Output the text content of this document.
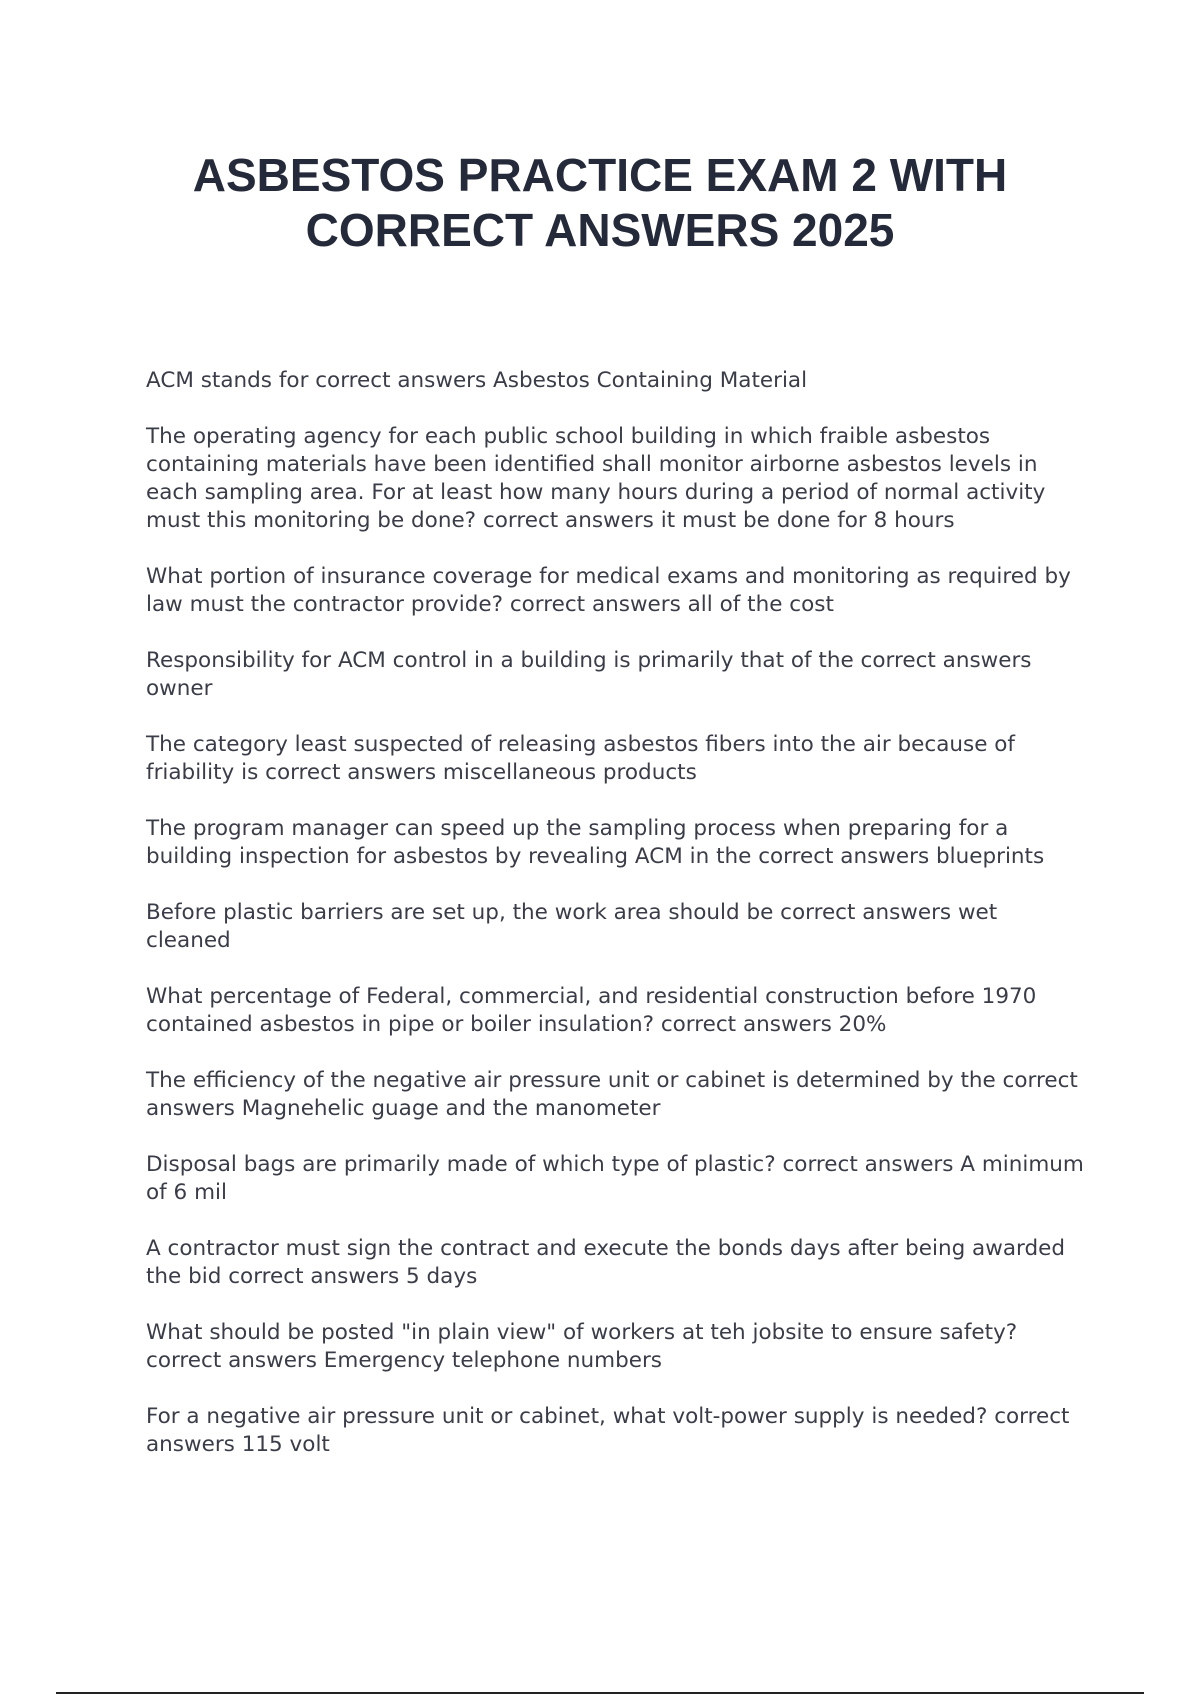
ASBESTOS PRACTICE EXAM 2 WITH CORRECT ANSWERS 2025
ACM stands for correct answers Asbestos Containing Material
The operating agency for each public school building in which fraible asbestos containing materials have been identified shall monitor airborne asbestos levels in each sampling area. For at least how many hours during a period of normal activity must this monitoring be done? correct answers it must be done for 8 hours
What portion of insurance coverage for medical exams and monitoring as required by law must the contractor provide? correct answers all of the cost
Responsibility for ACM control in a building is primarily that of the correct answers owner
The category least suspected of releasing asbestos fibers into the air because of friability is correct answers miscellaneous products
The program manager can speed up the sampling process when preparing for a building inspection for asbestos by revealing ACM in the correct answers blueprints
Before plastic barriers are set up, the work area should be correct answers wet cleaned
What percentage of Federal, commercial, and residential construction before 1970 contained asbestos in pipe or boiler insulation? correct answers 20%
The efficiency of the negative air pressure unit or cabinet is determined by the correct answers Magnehelic guage and the manometer
Disposal bags are primarily made of which type of plastic? correct answers A minimum of 6 mil
A contractor must sign the contract and execute the bonds days after being awarded the bid correct answers 5 days
What should be posted "in plain view" of workers at teh jobsite to ensure safety? correct answers Emergency telephone numbers
For a negative air pressure unit or cabinet, what volt-power supply is needed? correct answers 115 volt
